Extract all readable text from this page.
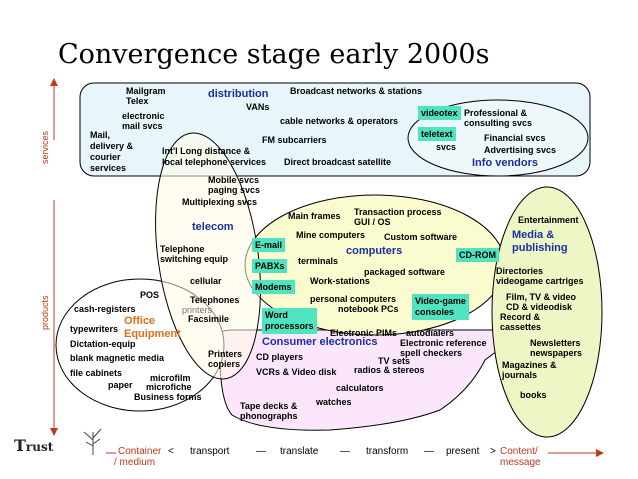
Convergence stage early 2000s
services
products
distribution
Info vendors
telecom
computers
Media &
publishing
Office
Equipment
Consumer electronics
videotex
teletext
E-mail
PABXs
Modems
CD-ROM
Video-game
consoles
Word
processors
Mailgram
Telex
electronic
mail svcs
Mail,
delivery &
courier
services
VANs
Broadcast networks & stations
cable networks & operators
FM subcarriers
Int'l Long distance &
local telephone services Direct broadcast satellite
Professional &
consulting svcs
Financial svcs
Advertising svcs
svcs
Mobile svcs
paging svcs
Multiplexing svcs
Telephone
switching equip
cellular
Telephones
Main frames Transaction process
GUI / OS
Mine computers Custom software
terminals
packaged software
Work-stations
personal computers
notebook PCs
Entertainment
Directories
videogame cartriges
Film, TV & video
CD & videodisk
Record &
cassettes
Newsletters
newspapers
Magazines &
journals
books
POS
cash-registers	printers
Facsimile
typewriters
Dictation-equip
blank magnetic media
file cabinets
paper
microfilm
microfiche
Business forms
Printers
copiers
CD players
Electronic PIMs autodialers
Electronic reference
spell checkers
TV sets
radios & stereos
VCRs & Video disk
calculators
watches
Tape decks &
phonographs
Trust	Container
/ medium
< transport	— translate — transform — present > Content/
message
